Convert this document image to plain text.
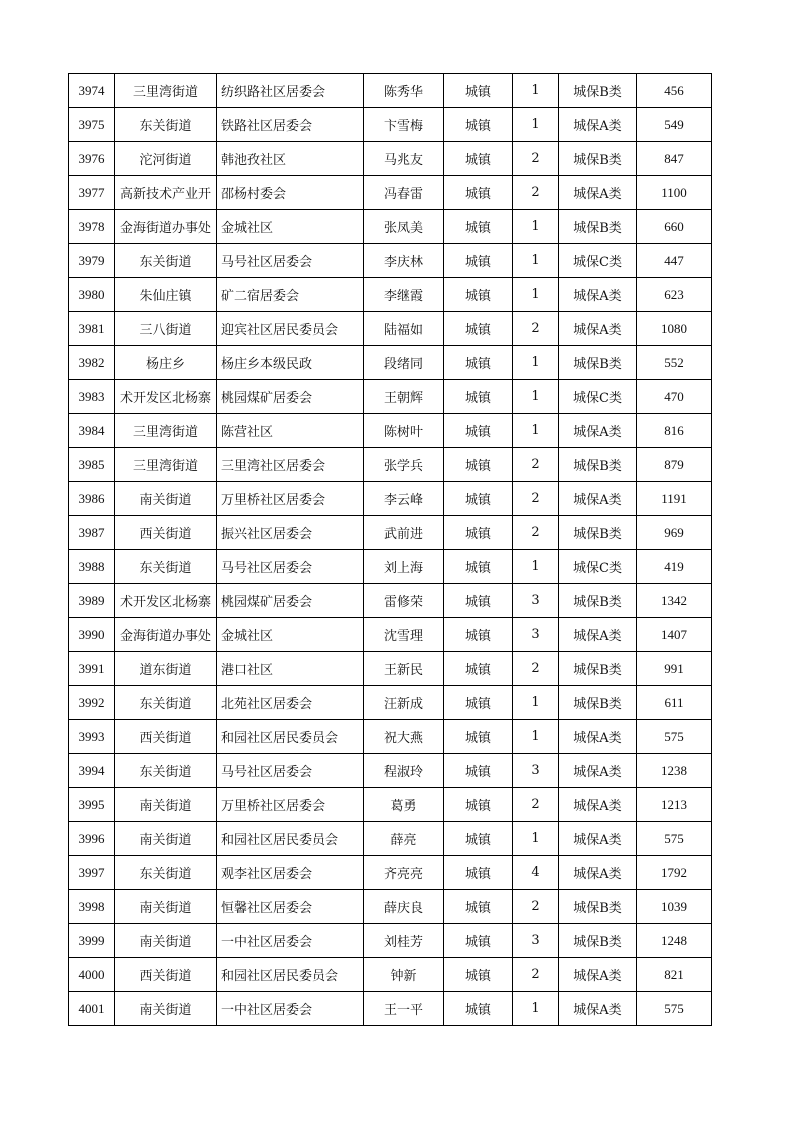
3974	三里湾街道	纺织路社区居委会	陈秀华	城镇	1	城保B类	456
3975	东关街道	铁路社区居委会	卞雪梅	城镇	1	城保A类	549
3976	沱河街道	韩池孜社区	马兆友	城镇	2	城保B类	847
3977	高新技术产业开	邵杨村委会	冯春雷	城镇	2	城保A类	1100
3978	金海街道办事处	金城社区	张凤美	城镇	1	城保B类	660
3979	东关街道	马号社区居委会	李庆林	城镇	1	城保C类	447
3980	朱仙庄镇	矿二宿居委会	李继霞	城镇	1	城保A类	623
3981	三八街道	迎宾社区居民委员会	陆福如	城镇	2	城保A类	1080
3982	杨庄乡	杨庄乡本级民政	段绪同	城镇	1	城保B类	552
3983	术开发区北杨寨	桃园煤矿居委会	王朝辉	城镇	1	城保C类	470
3984	三里湾街道	陈营社区	陈树叶	城镇	1	城保A类	816
3985	三里湾街道	三里湾社区居委会	张学兵	城镇	2	城保B类	879
3986	南关街道	万里桥社区居委会	李云峰	城镇	2	城保A类	1191
3987	西关街道	振兴社区居委会	武前进	城镇	2	城保B类	969
3988	东关街道	马号社区居委会	刘上海	城镇	1	城保C类	419
3989	术开发区北杨寨	桃园煤矿居委会	雷修荣	城镇	3	城保B类	1342
3990	金海街道办事处	金城社区	沈雪理	城镇	3	城保A类	1407
3991	道东街道	港口社区	王新民	城镇	2	城保B类	991
3992	东关街道	北苑社区居委会	汪新成	城镇	1	城保B类	611
3993	西关街道	和园社区居民委员会	祝大燕	城镇	1	城保A类	575
3994	东关街道	马号社区居委会	程淑玲	城镇	3	城保A类	1238
3995	南关街道	万里桥社区居委会	葛勇	城镇	2	城保A类	1213
3996	南关街道	和园社区居民委员会	薛亮	城镇	1	城保A类	575
3997	东关街道	观李社区居委会	齐亮亮	城镇	4	城保A类	1792
3998	南关街道	恒馨社区居委会	薛庆良	城镇	2	城保B类	1039
3999	南关街道	一中社区居委会	刘桂芳	城镇	3	城保B类	1248
4000	西关街道	和园社区居民委员会	钟新	城镇	2	城保A类	821
4001	南关街道	一中社区居委会	王一平	城镇	1	城保A类	575
